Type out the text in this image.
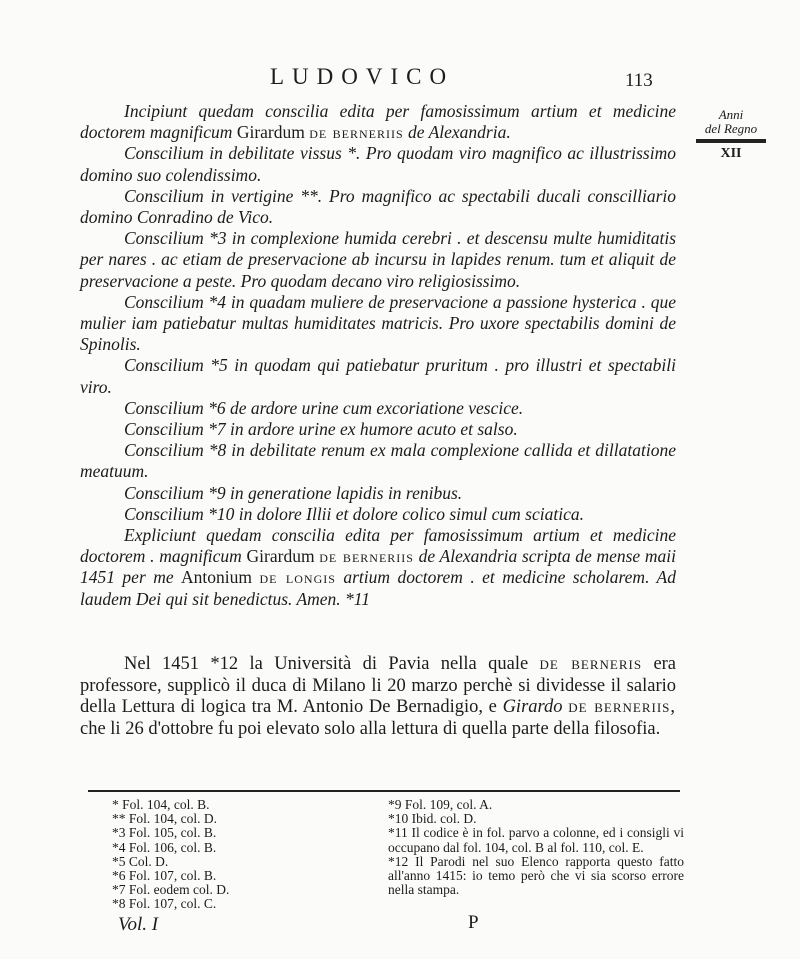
LUDOVICO	113
Anni
del Regno
XII

Incipiunt quedam conscilia edita per famosissimum artium et medicine doctorem magnificum Girardum de berneriis de Alexandria.

Conscilium in debilitate vissus *. Pro quodam viro magnifico ac illustrissimo domino suo colendissimo.

Conscilium in vertigine **. Pro magnifico ac spectabili ducali conscilliario domino Conradino de Vico.

Conscilium *3 in complexione humida cerebri . et descensu multe humiditatis per nares . ac etiam de preservacione ab incursu in lapides renum. tum et aliquit de preservacione a peste. Pro quodam decano viro religiosissimo.

Conscilium *4 in quadam muliere de preservacione a passione hysterica . que mulier iam patiebatur multas humiditates matricis. Pro uxore spectabilis domini de Spinolis.

Conscilium *5 in quodam qui patiebatur pruritum . pro illustri et spectabili viro.

Conscilium *6 de ardore urine cum excoriatione vescice.

Conscilium *7 in ardore urine ex humore acuto et salso.

Conscilium *8 in debilitate renum ex mala complexione callida et dillatatione meatuum.

Conscilium *9 in generatione lapidis in renibus.

Conscilium *10 in dolore Illii et dolore colico simul cum sciatica.

Expliciunt quedam conscilia edita per famosissimum artium et medicine doctorem . magnificum Girardum de berneriis de Alexandria scripta de mense maii 1451 per me Antonium de longis artium doctorem . et medicine scholarem. Ad laudem Dei qui sit benedictus. Amen. *11

Nel 1451 *12 la Università di Pavia nella quale de berneris era professore, supplicò il duca di Milano li 20 marzo perchè si dividesse il salario della Lettura di logica tra M. Antonio De Bernadigio, e Girardo de berneriis, che li 26 d'ottobre fu poi elevato solo alla lettura di quella parte della filosofia.

* Fol. 104, col. B.
** Fol. 104, col. D.
*3 Fol. 105, col. B.
*4 Fol. 106, col. B.
*5 Col. D.
*6 Fol. 107, col. B.
*7 Fol. eodem col. D.
*8 Fol. 107, col. C.
*9 Fol. 109, col. A.
*10 Ibid. col. D.
*11 Il codice è in fol. parvo a colonne, ed i consigli vi occupano dal fol. 104, col. B al fol. 110, col. E.
*12 Il Parodi nel suo Elenco rapporta questo fatto all'anno 1415: io temo però che vi sia scorso errore nella stampa.
Vol. I	P
